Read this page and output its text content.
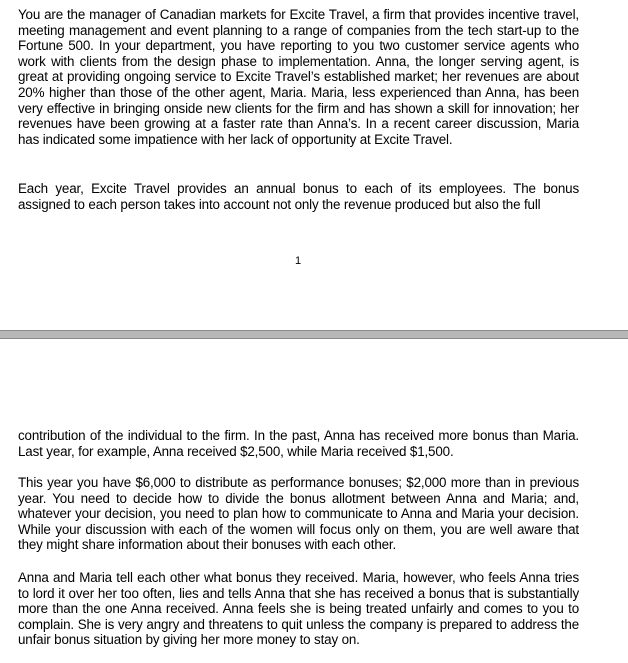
You are the manager of Canadian markets for Excite Travel, a firm that provides incentive travel, meeting management and event planning to a range of companies from the tech start-up to the Fortune 500. In your department, you have reporting to you two customer service agents who work with clients from the design phase to implementation. Anna, the longer serving agent, is great at providing ongoing service to Excite Travel’s established market; her revenues are about 20% higher than those of the other agent, Maria. Maria, less experienced than Anna, has been very effective in bringing onside new clients for the firm and has shown a skill for innovation; her revenues have been growing at a faster rate than Anna’s. In a recent career discussion, Maria has indicated some impatience with her lack of opportunity at Excite Travel.

Each year, Excite Travel provides an annual bonus to each of its employees. The bonus assigned to each person takes into account not only the revenue produced but also the full

1

contribution of the individual to the firm. In the past, Anna has received more bonus than Maria. Last year, for example, Anna received $2,500, while Maria received $1,500.

This year you have $6,000 to distribute as performance bonuses; $2,000 more than in previous year. You need to decide how to divide the bonus allotment between Anna and Maria; and, whatever your decision, you need to plan how to communicate to Anna and Maria your decision. While your discussion with each of the women will focus only on them, you are well aware that they might share information about their bonuses with each other.

Anna and Maria tell each other what bonus they received. Maria, however, who feels Anna tries to lord it over her too often, lies and tells Anna that she has received a bonus that is substantially more than the one Anna received. Anna feels she is being treated unfairly and comes to you to complain. She is very angry and threatens to quit unless the company is prepared to address the unfair bonus situation by giving her more money to stay on.
